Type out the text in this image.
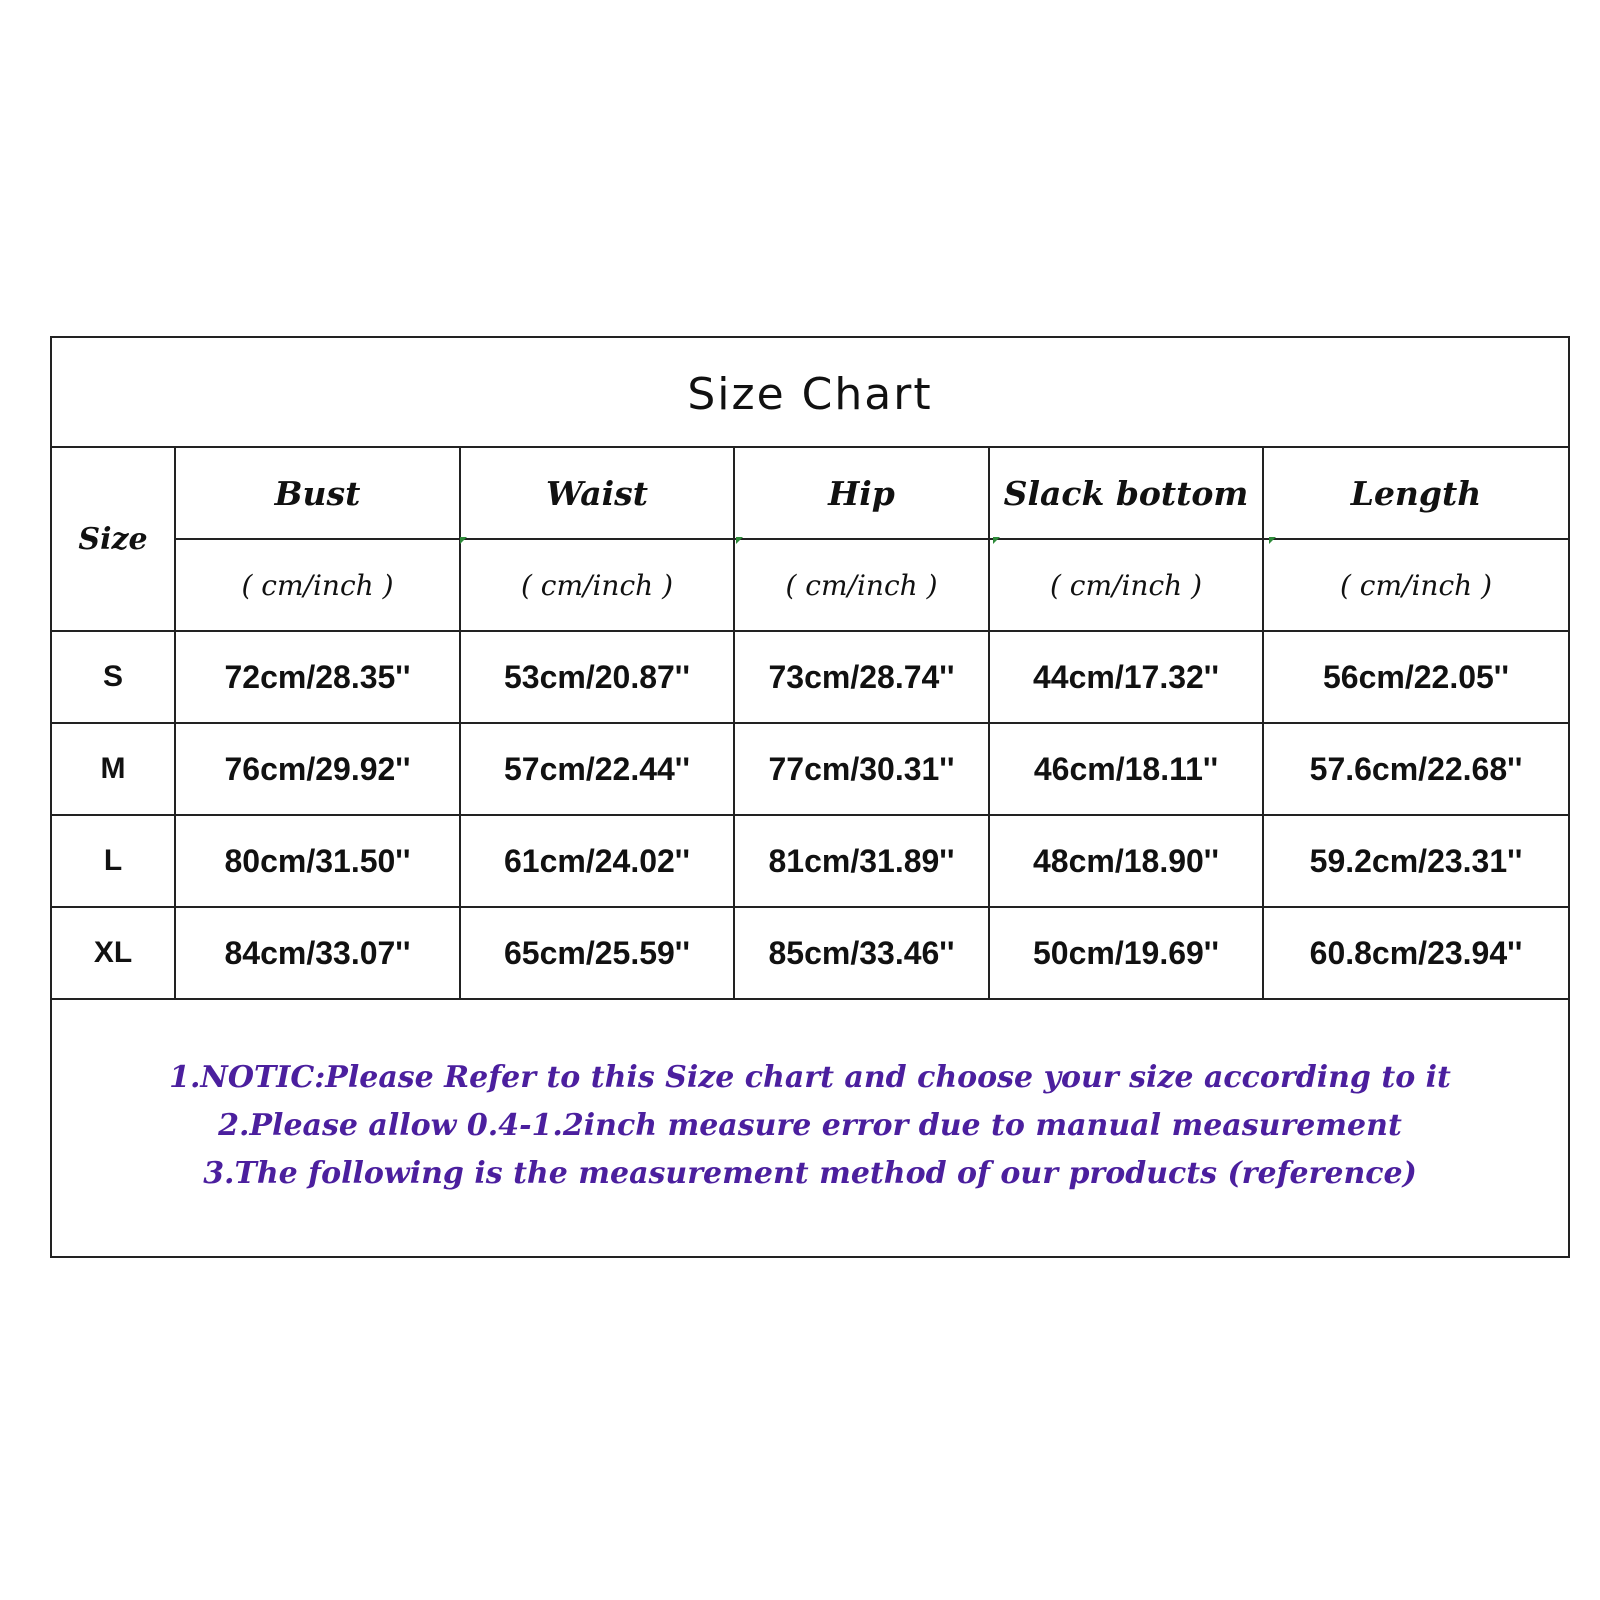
Size Chart
Size	Bust	Waist	Hip	Slack bottom	Length
	( cm/inch )	( cm/inch )	( cm/inch )	( cm/inch )	( cm/inch )
S	72cm/28.35''	53cm/20.87''	73cm/28.74''	44cm/17.32''	56cm/22.05''
M	76cm/29.92''	57cm/22.44''	77cm/30.31''	46cm/18.11''	57.6cm/22.68''
L	80cm/31.50''	61cm/24.02''	81cm/31.89''	48cm/18.90''	59.2cm/23.31''
XL	84cm/33.07''	65cm/25.59''	85cm/33.46''	50cm/19.69''	60.8cm/23.94''
1.NOTIC:Please Refer to this Size chart and choose your size according to it
2.Please allow 0.4-1.2inch measure error due to manual measurement
3.The following is the measurement method of our products (reference)
